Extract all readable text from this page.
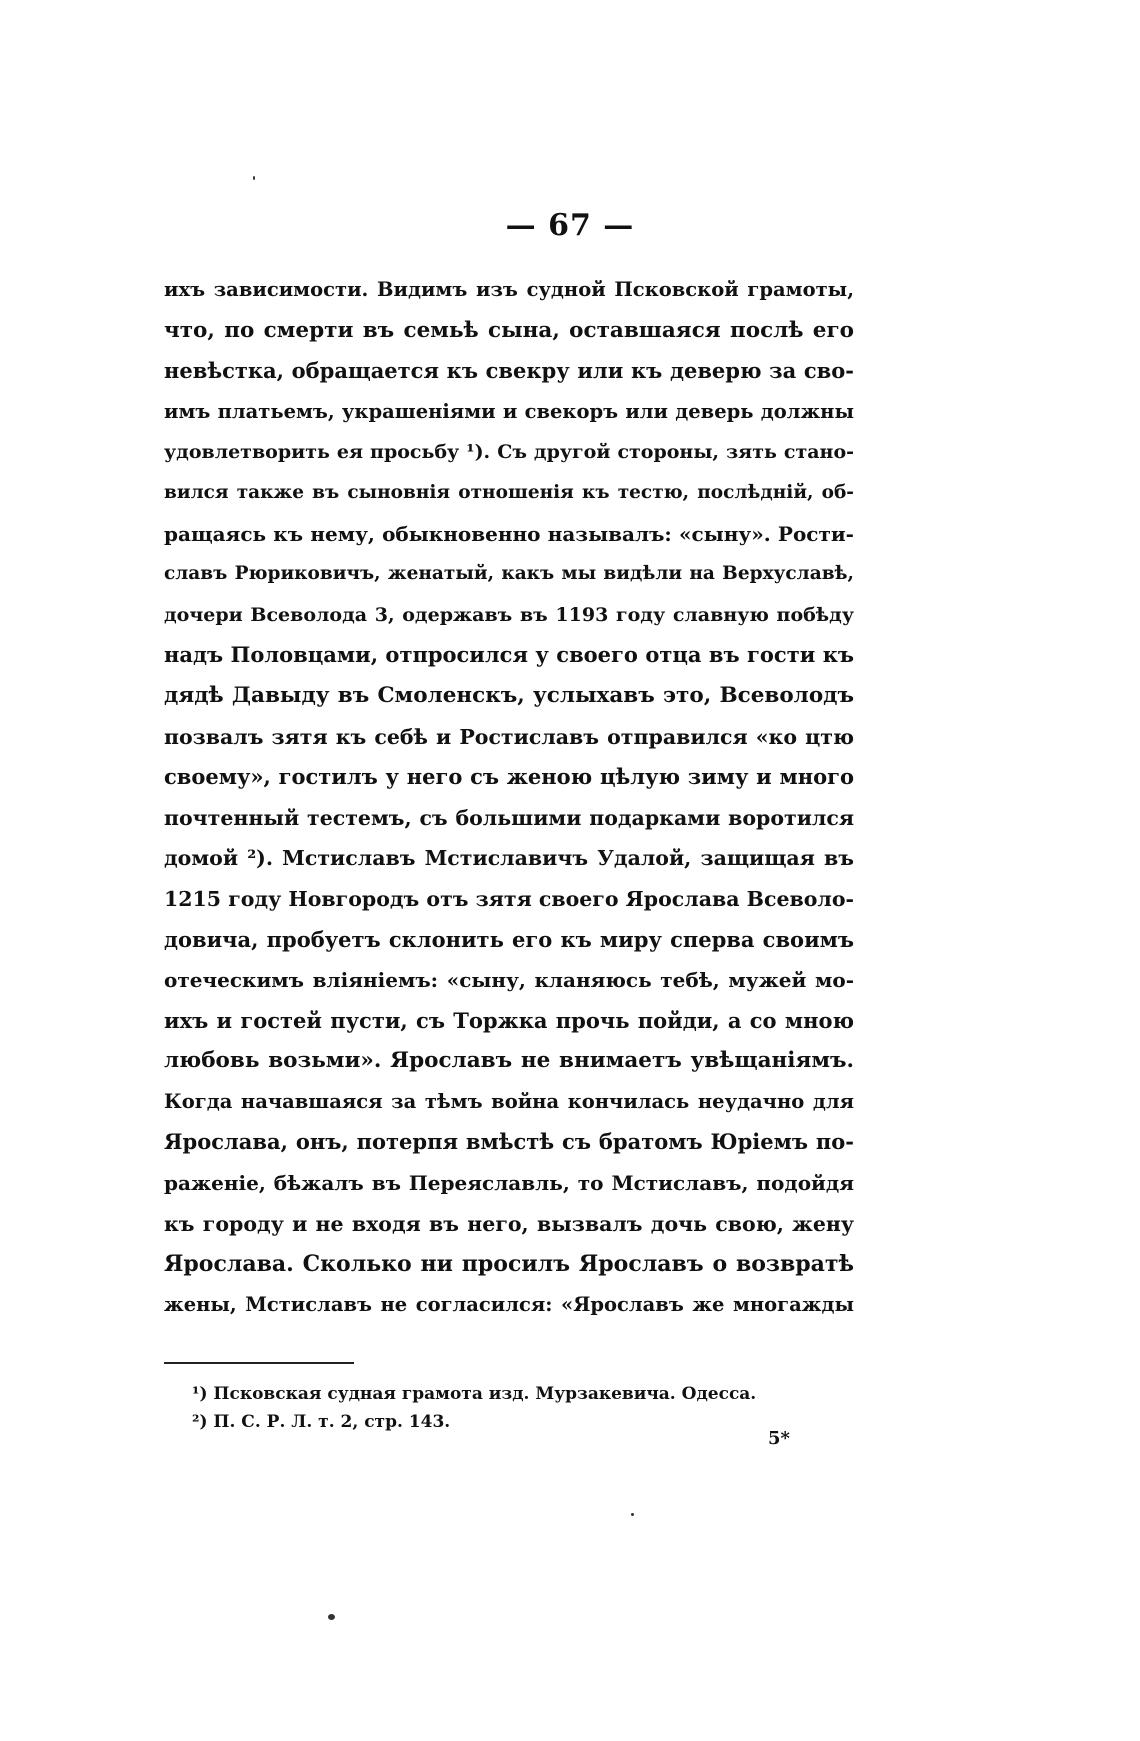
— 67 —
ихъ зависимости. Видимъ изъ судной Псковской грамоты,
что, по смерти въ семьѣ сына, оставшаяся послѣ его
невѣстка, обращается къ свекру или къ деверю за сво-
имъ платьемъ, украшеніями и свекоръ или деверь должны
удовлетворить ея просьбу ¹). Съ другой стороны, зять стано-
вился также въ сыновнія отношенія къ тестю, послѣдній, об-
ращаясь къ нему, обыкновенно называлъ: «сыну». Рости-
славъ Рюриковичъ, женатый, какъ мы видѣли на Верхуславѣ,
дочери Всеволода 3, одержавъ въ 1193 году славную побѣду
надъ Половцами, отпросился у своего отца въ гости къ
дядѣ Давыду въ Смоленскъ, услыхавъ это, Всеволодъ
позвалъ зятя къ себѣ и Ростиславъ отправился «ко цтю
своему», гостилъ у него съ женою цѣлую зиму и много
почтенный тестемъ, съ большими подарками воротился
домой ²). Мстиславъ Мстиславичъ Удалой, защищая въ
1215 году Новгородъ отъ зятя своего Ярослава Всеволо-
довича, пробуетъ склонить его къ миру сперва своимъ
отеческимъ вліяніемъ: «сыну, кланяюсь тебѣ, мужей мо-
ихъ и гостей пусти, съ Торжка прочь пойди, а со мною
любовь возьми». Ярославъ не внимаетъ увѣщаніямъ.
Когда начавшаяся за тѣмъ война кончилась неудачно для
Ярослава, онъ, потерпя вмѣстѣ съ братомъ Юріемъ по-
раженіе, бѣжалъ въ Переяславль, то Мстиславъ, подойдя
къ городу и не входя въ него, вызвалъ дочь свою, жену
Ярослава. Сколько ни просилъ Ярославъ о возвратѣ
жены, Мстиславъ не согласился: «Ярославъ же многажды
¹) Псковская судная грамота изд. Мурзакевича. Одесса.
²) П. С. Р. Л. т. 2, стр. 143.
5*
